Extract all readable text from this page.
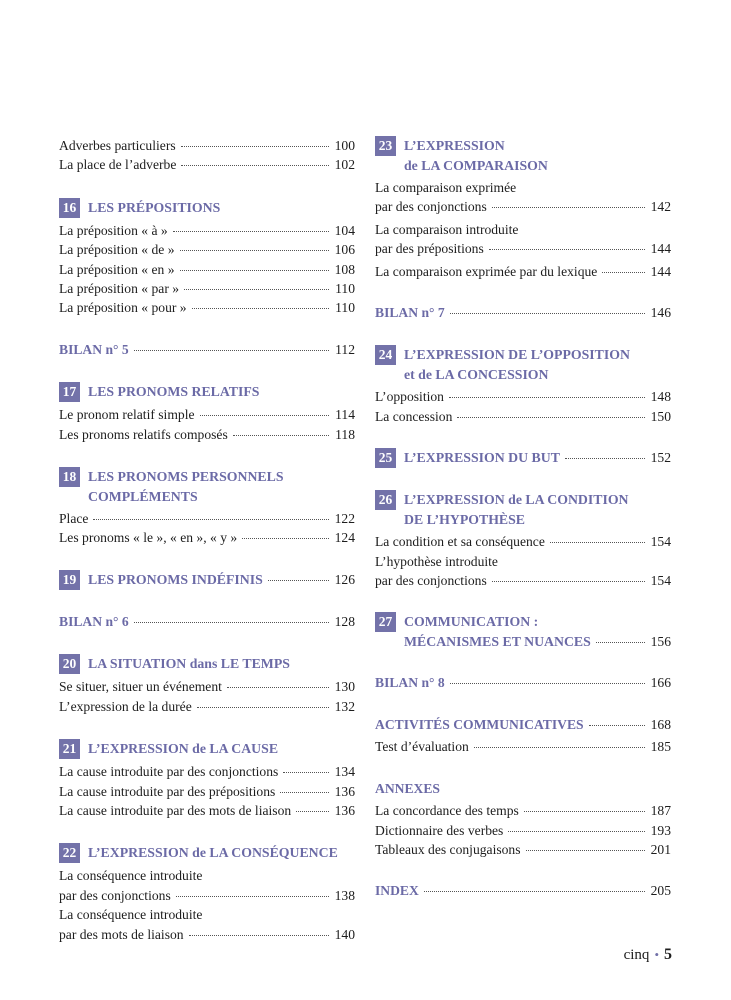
Adverbes particuliers	100
La place de l’adverbe	102
16 LES PRÉPOSITIONS
La préposition « à »	104
La préposition « de »	106
La préposition « en »	108
La préposition « par »	110
La préposition « pour »	110
BILAN n° 5	112
17 LES PRONOMS RELATIFS
Le pronom relatif simple	114
Les pronoms relatifs composés	118
18 LES PRONOMS PERSONNELS
COMPLÉMENTS
Place	122
Les pronoms « le », « en », « y »	124
19 LES PRONOMS INDÉFINIS	126
BILAN n° 6	128
20 LA SITUATION dans LE TEMPS
Se situer, situer un événement	130
L’expression de la durée	132
21 L’EXPRESSION de LA CAUSE
La cause introduite par des conjonctions	134
La cause introduite par des prépositions	136
La cause introduite par des mots de liaison	136
22 L’EXPRESSION de LA CONSÉQUENCE
La conséquence introduite
par des conjonctions	138
La conséquence introduite
par des mots de liaison	140
23 L’EXPRESSION
de LA COMPARAISON
La comparaison exprimée
par des conjonctions	142
La comparaison introduite
par des prépositions	144
La comparaison exprimée par du lexique	144
BILAN n° 7	146
24 L’EXPRESSION DE L’OPPOSITION
et de LA CONCESSION
L’opposition	148
La concession	150
25 L’EXPRESSION DU BUT	152
26 L’EXPRESSION de LA CONDITION
DE L’HYPOTHÈSE
La condition et sa conséquence	154
L’hypothèse introduite
par des conjonctions	154
27 COMMUNICATION :

MÉCANISMES ET NUANCES	156
BILAN n° 8	166
ACTIVITÉS COMMUNICATIVES	168
Test d’évaluation	185
ANNEXES
La concordance des temps	187
Dictionnaire des verbes	193
Tableaux des conjugaisons	201
INDEX	205
cinq • 5
